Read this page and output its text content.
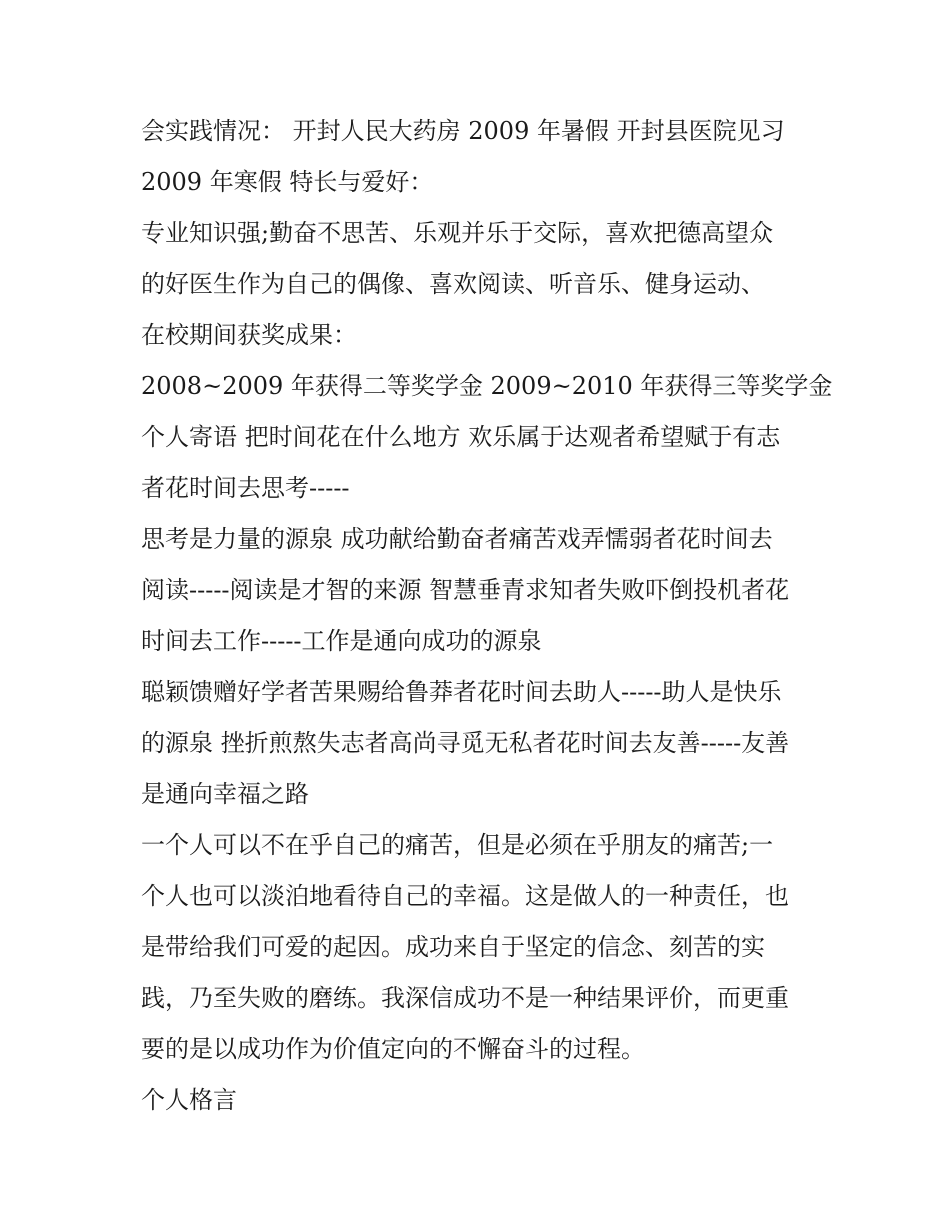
会实践情况： 开封人民大药房 2009 年暑假 开封县医院见习
2009 年寒假 特长与爱好：
专业知识强;勤奋不思苦、乐观并乐于交际，喜欢把德高望众
的好医生作为自己的偶像、喜欢阅读、听音乐、健身运动、
在校期间获奖成果：
2008~2009 年获得二等奖学金 2009~2010 年获得三等奖学金
个人寄语 把时间花在什么地方 欢乐属于达观者希望赋于有志
者花时间去思考-----
思考是力量的源泉 成功献给勤奋者痛苦戏弄懦弱者花时间去
阅读-----阅读是才智的来源 智慧垂青求知者失败吓倒投机者花
时间去工作-----工作是通向成功的源泉
聪颖馈赠好学者苦果赐给鲁莽者花时间去助人-----助人是快乐
的源泉 挫折煎熬失志者高尚寻觅无私者花时间去友善-----友善
是通向幸福之路
一个人可以不在乎自己的痛苦，但是必须在乎朋友的痛苦;一
个人也可以淡泊地看待自己的幸福。这是做人的一种责任，也
是带给我们可爱的起因。成功来自于坚定的信念、刻苦的实
践，乃至失败的磨练。我深信成功不是一种结果评价，而更重
要的是以成功作为价值定向的不懈奋斗的过程。
个人格言
